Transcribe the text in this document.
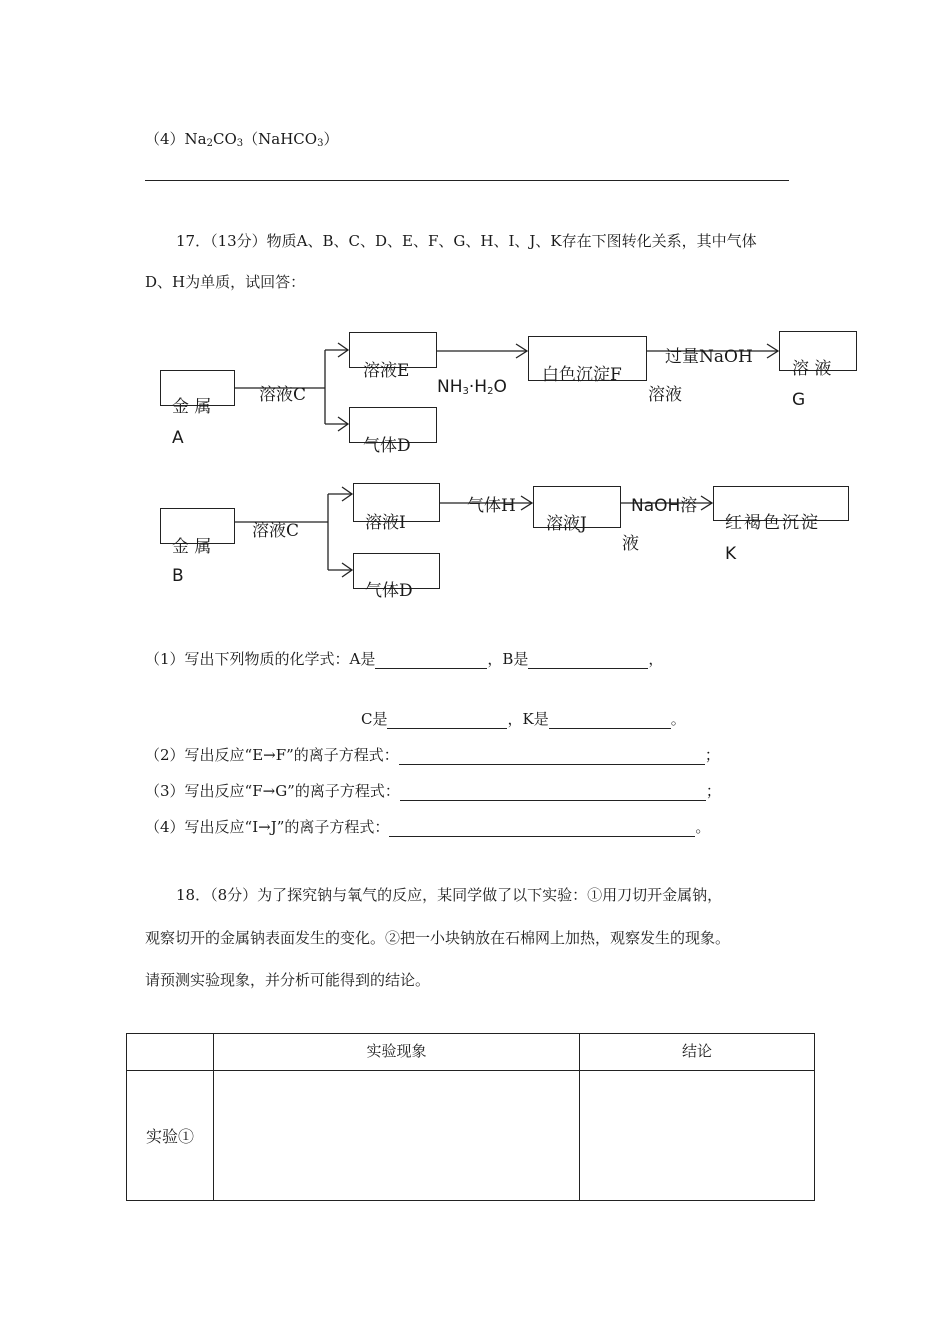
$(4)Na_2CO_3(NaHCO_3)$
17．（13分）物质A、B、C、D、E、F、G、H、I、J、K存在下图转化关系，其中气体
D、H为单质，试回答：
金 属
A
溶液C
溶液E
气体D
$NH_3\cdot H_2O$
白色沉淀F
过量NaOH
溶液
溶 液
G
金 属
B
溶液C	溶液I
气体D
气体H
溶液J
NaOH溶
液
红褐色沉淀
K
（1）写出下列物质的化学式：A是	，B是	，
C是	，K是	。
（2）写出反应“E→F”的离子方程式：	；
（3）写出反应“F→G”的离子方程式：	；
（4）写出反应“I→J”的离子方程式：	。
18．（8分）为了探究钠与氧气的反应，某同学做了以下实验：①用刀切开金属钠，
观察切开的金属钠表面发生的变化。②把一小块钠放在石棉网上加热，观察发生的现象。
请预测实验现象，并分析可能得到的结论。
	实验现象	结论
实验①		
